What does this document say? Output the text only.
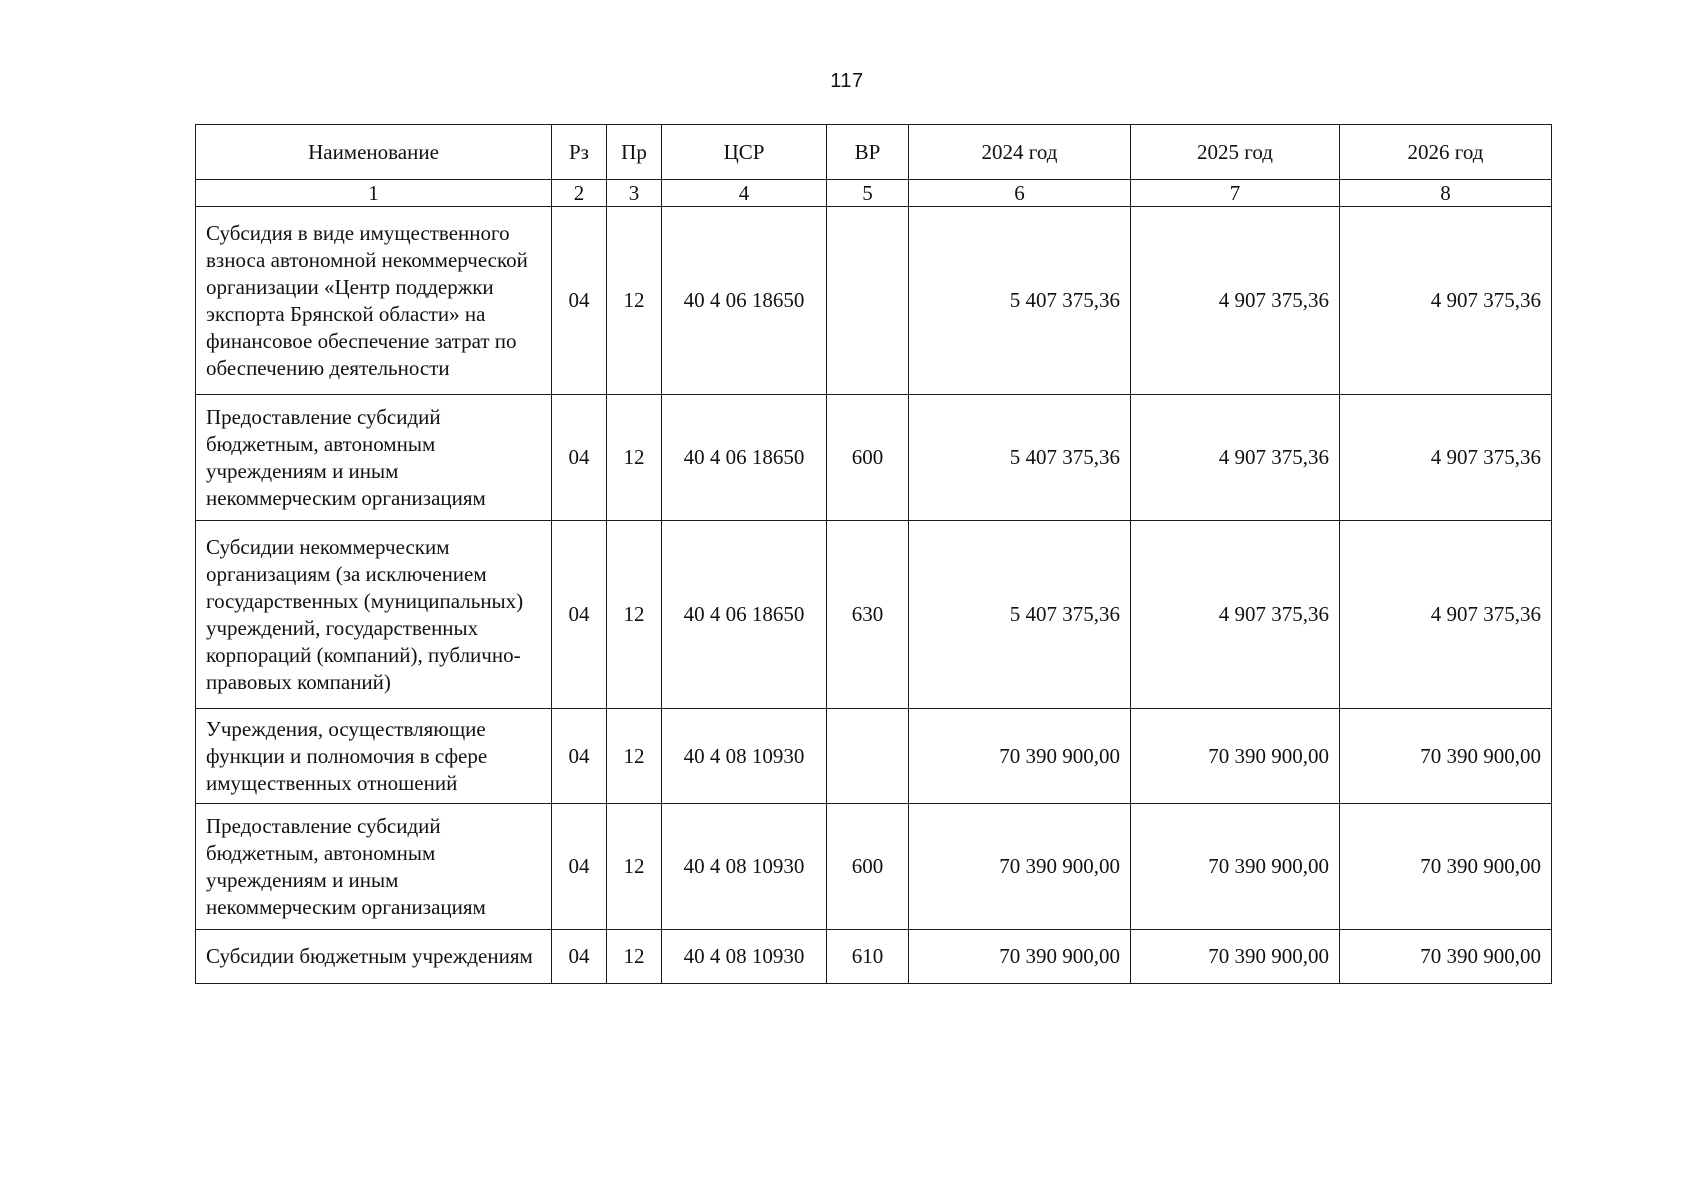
117
Наименование	Рз	Пр	ЦСР	ВР	2024 год	2025 год	2026 год
1	2	3	4	5	6	7	8
Субсидия в виде имущественного взноса автономной некоммерческой организации «Центр поддержки экспорта Брянской области» на финансовое обеспечение затрат по обеспечению деятельности	04	12	40 4 06 18650		5 407 375,36	4 907 375,36	4 907 375,36
Предоставление субсидий бюджетным, автономным учреждениям и иным некоммерческим организациям	04	12	40 4 06 18650	600	5 407 375,36	4 907 375,36	4 907 375,36
Субсидии некоммерческим организациям (за исключением государственных (муниципальных) учреждений, государственных корпораций (компаний), публично-правовых компаний)	04	12	40 4 06 18650	630	5 407 375,36	4 907 375,36	4 907 375,36
Учреждения, осуществляющие функции и полномочия в сфере имущественных отношений	04	12	40 4 08 10930		70 390 900,00	70 390 900,00	70 390 900,00
Предоставление субсидий бюджетным, автономным учреждениям и иным некоммерческим организациям	04	12	40 4 08 10930	600	70 390 900,00	70 390 900,00	70 390 900,00
Субсидии бюджетным учреждениям	04	12	40 4 08 10930	610	70 390 900,00	70 390 900,00	70 390 900,00
